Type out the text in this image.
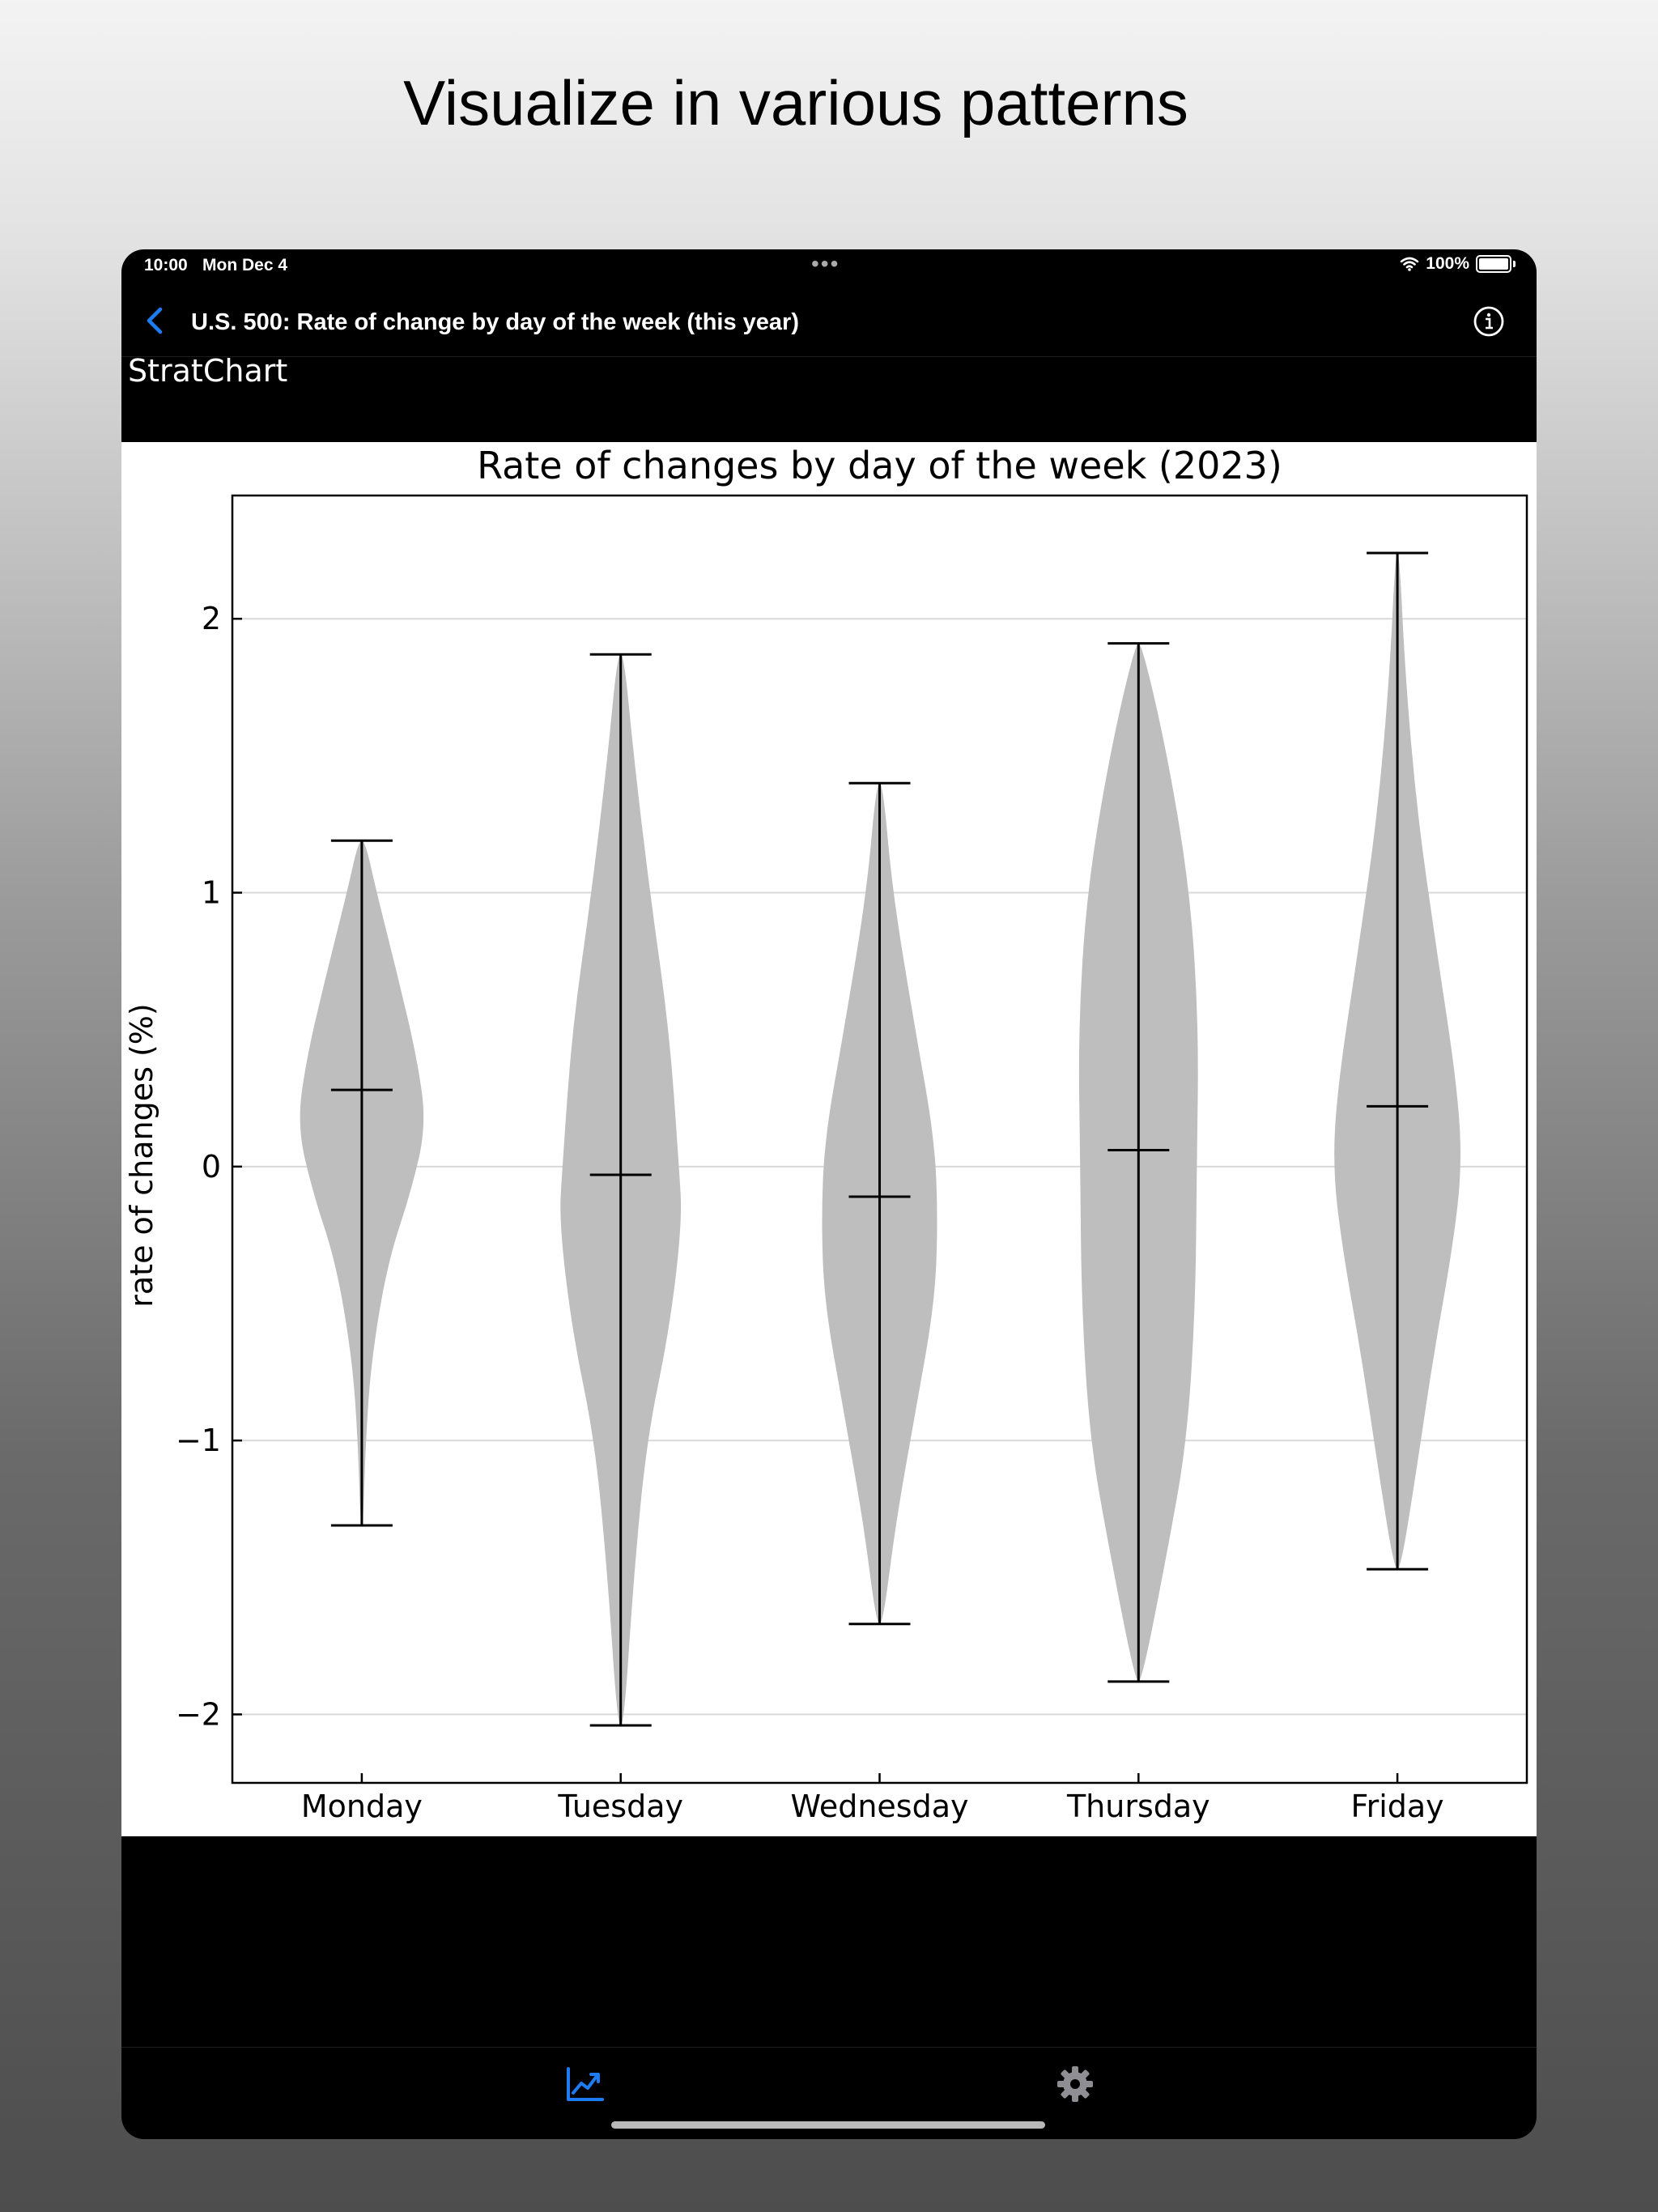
Visualize in various patterns
10:00 Mon Dec 4	•••	100%
U.S. 500: Rate of change by day of the week (this year)
StratChart
2
1
0
−1
−2
Monday	Tuesday	Wednesday	Thursday	Friday
Rate of changes by day of the week (2023)
rate of changes (%)
